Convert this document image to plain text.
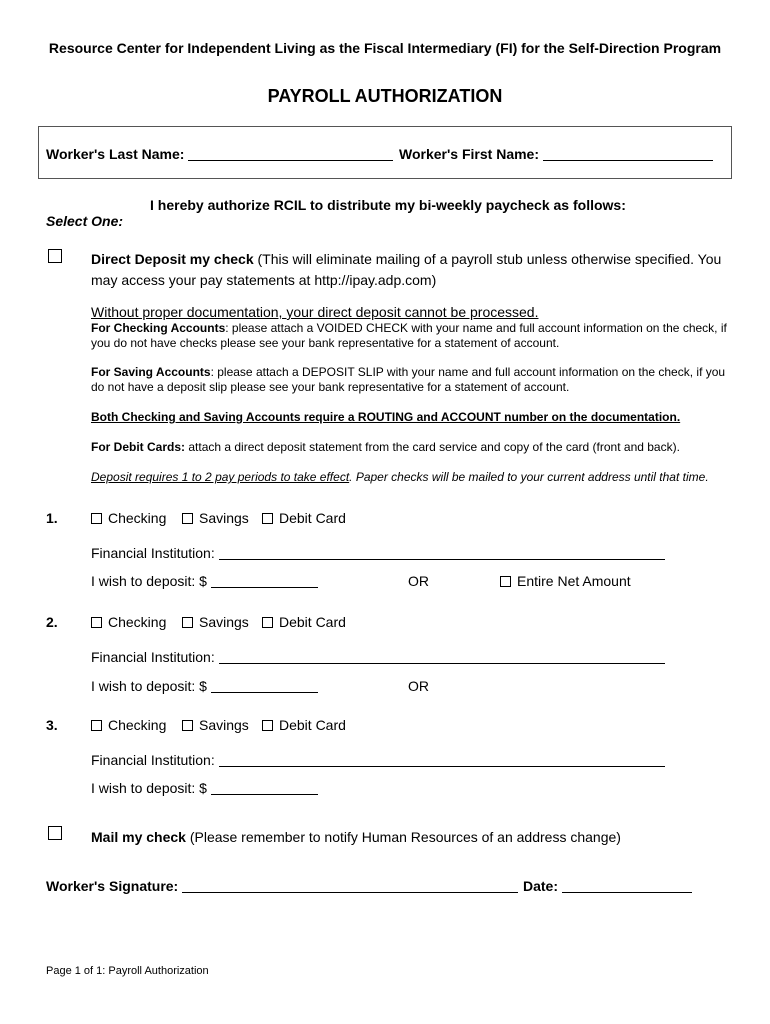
Resource Center for Independent Living as the Fiscal Intermediary (FI) for the Self-Direction Program
PAYROLL AUTHORIZATION
Worker's Last Name:	Worker's First Name:
I hereby authorize RCIL to distribute my bi-weekly paycheck as follows:
Select One:
Direct Deposit my check (This will eliminate mailing of a payroll stub unless otherwise specified. You
may access your pay statements at http://ipay.adp.com)
Without proper documentation, your direct deposit cannot be processed.
For Checking Accounts: please attach a VOIDED CHECK with your name and full account information on the check, if you do not have checks please see your bank representative for a statement of account.
For Saving Accounts: please attach a DEPOSIT SLIP with your name and full account information on the check, if you do not have a deposit slip please see your bank representative for a statement of account.
Both Checking and Saving Accounts require a ROUTING and ACCOUNT number on the documentation.
For Debit Cards: attach a direct deposit statement from the card service and copy of the card (front and back).
Deposit requires 1 to 2 pay periods to take effect. Paper checks will be mailed to your current address until that time.
1.	Checking	Savings	Debit Card
Financial Institution:
I wish to deposit: $	OR	Entire Net Amount
2.	Checking	Savings	Debit Card
Financial Institution:
I wish to deposit: $	OR
3.	Checking	Savings	Debit Card
Financial Institution:
I wish to deposit: $
Mail my check (Please remember to notify Human Resources of an address change)
Worker's Signature:	Date:
Page 1 of 1: Payroll Authorization
